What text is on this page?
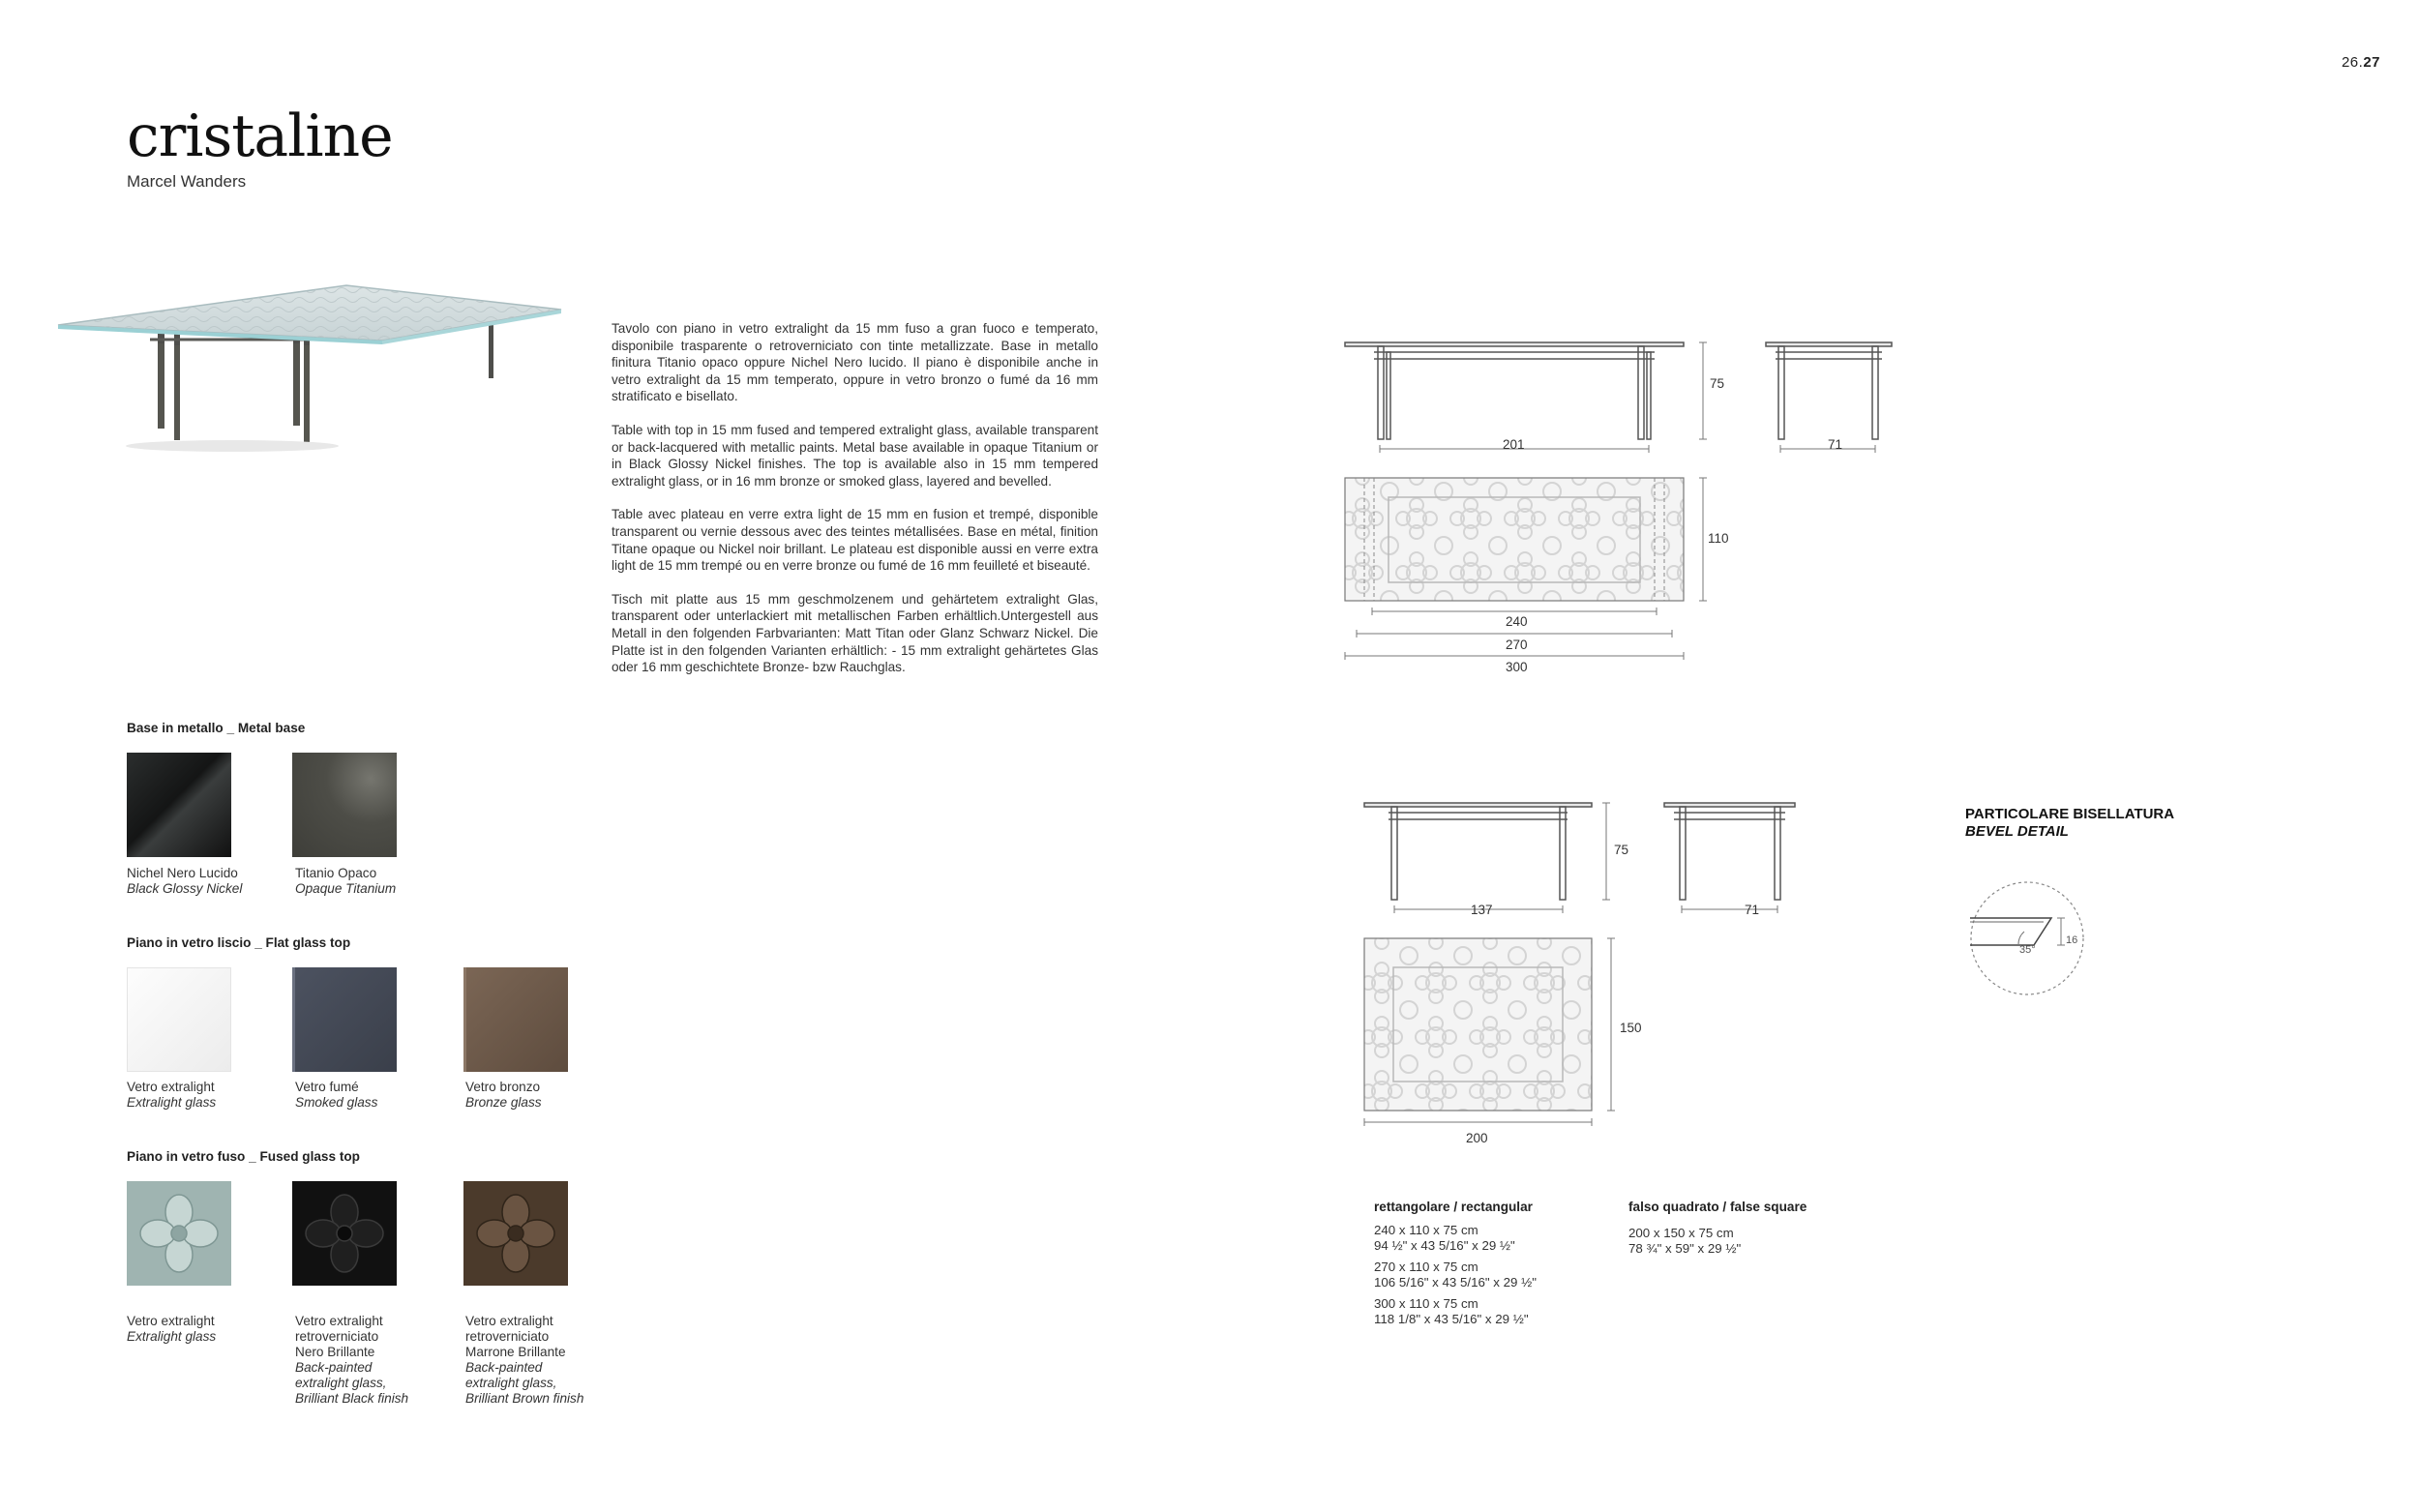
26.27
cristaline
Marcel Wanders

Tavolo con piano in vetro extralight da 15 mm fuso a gran fuoco e temperato, disponibile trasparente o retroverniciato con tinte metallizzate. Base in metallo finitura Titanio opaco oppure Nichel Nero lucido. Il piano è disponibile anche in vetro extralight da 15 mm temperato, oppure in vetro bronzo o fumé da 16 mm stratificato e bisellato.

Table with top in 15 mm fused and tempered extralight glass, available transparent or back-lacquered with metallic paints. Metal base available in opaque Titanium or in Black Glossy Nickel finishes. The top is available also in 15 mm tempered extralight glass, or in 16 mm bronze or smoked glass, layered and bevelled.

Table avec plateau en verre extra light de 15 mm en fusion et trempé, disponible transparent ou vernie dessous avec des teintes métallisées. Base en métal, finition Titane opaque ou Nickel noir brillant. Le plateau est disponible aussi en verre extra light de 15 mm trempé ou en verre bronze ou fumé de 16 mm feuilleté et biseauté.

Tisch mit platte aus 15 mm geschmolzenem und gehärtetem extralight Glas, transparent oder unterlackiert mit metallischen Farben erhältlich.Untergestell aus Metall in den folgenden Farbvarianten: Matt Titan oder Glanz Schwarz Nickel. Die Platte ist in den folgenden Varianten erhältlich: - 15 mm extralight gehärtetes Glas oder 16 mm geschichtete Bronze- bzw Rauchglas.

Base in metallo _ Metal base
Nichel Nero Lucido
Black Glossy Nickel
Titanio Opaco
Opaque Titanium
Piano in vetro liscio _ Flat glass top
Vetro extralight
Extralight glass
Vetro fumé
Smoked glass
Vetro bronzo
Bronze glass
Piano in vetro fuso _ Fused glass top
Vetro extralight
Extralight glass
Vetro extralight
retroverniciato
Nero Brillante
Back-painted
extralight glass,
Brilliant Black finish
Vetro extralight
retroverniciato
Marrone Brillante
Back-painted
extralight glass,
Brilliant Brown finish
75
201	71
110
240
270
300
75
137	71
150
200
PARTICOLARE BISELLATURA
BEVEL DETAIL
35°
16
rettangolare / rectangular
240 x 110 x 75 cm
94 ½" x 43 5/16" x 29 ½"
270 x 110 x 75 cm
106 5/16" x 43 5/16" x 29 ½"
300 x 110 x 75 cm
118 1/8" x 43 5/16" x 29 ½"
falso quadrato / false square
200 x 150 x 75 cm
78 ¾" x 59" x 29 ½"
